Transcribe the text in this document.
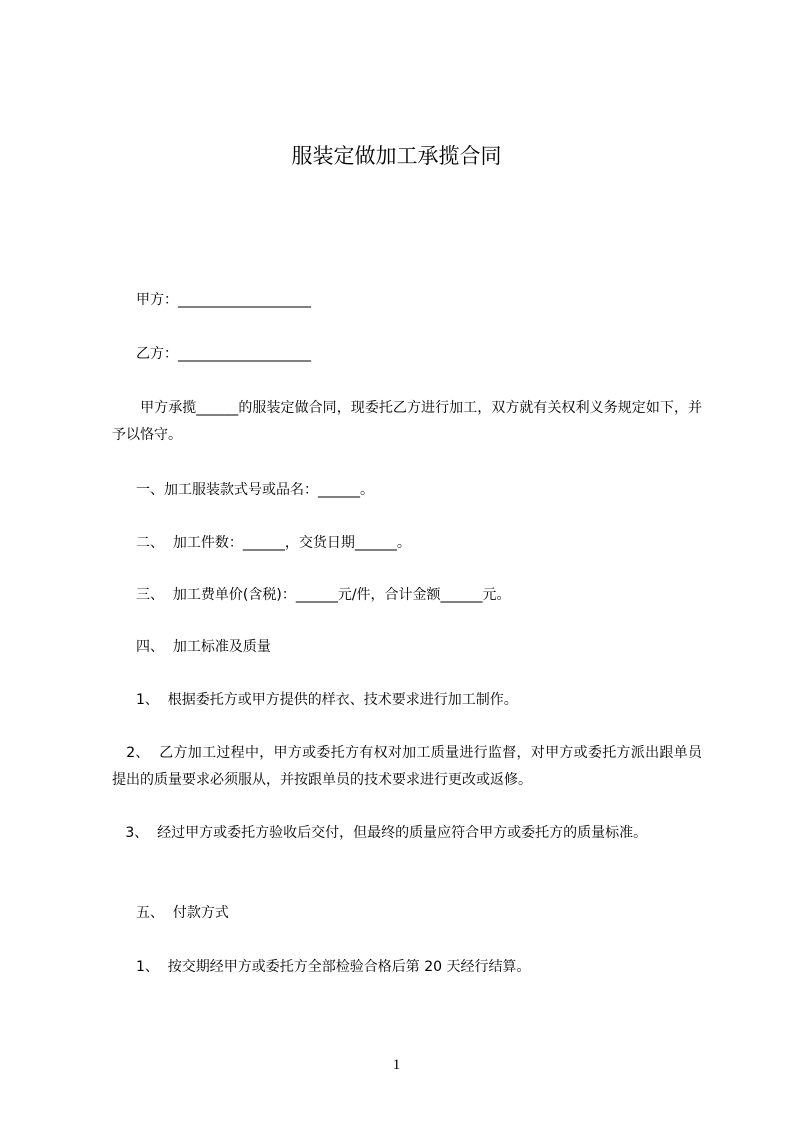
服装定做加工承揽合同
甲方：___________________
乙方：___________________
　　甲方承揽______的服装定做合同，现委托乙方进行加工，双方就有关权利义务规定如下，并予以恪守。
一、加工服装款式号或品名：______。
二、  加工件数：______，交货日期______。
三、  加工费单价(含税)：______元/件，合计金额______元。
四、  加工标准及质量
1、  根据委托方或甲方提供的样衣、技术要求进行加工制作。
2、  乙方加工过程中，甲方或委托方有权对加工质量进行监督，对甲方或委托方派出跟单员提出的质量要求必须服从，并按跟单员的技术要求进行更改或返修。
3、  经过甲方或委托方验收后交付，但最终的质量应符合甲方或委托方的质量标准。
五、  付款方式
1、  按交期经甲方或委托方全部检验合格后第 20 天经行结算。
1
